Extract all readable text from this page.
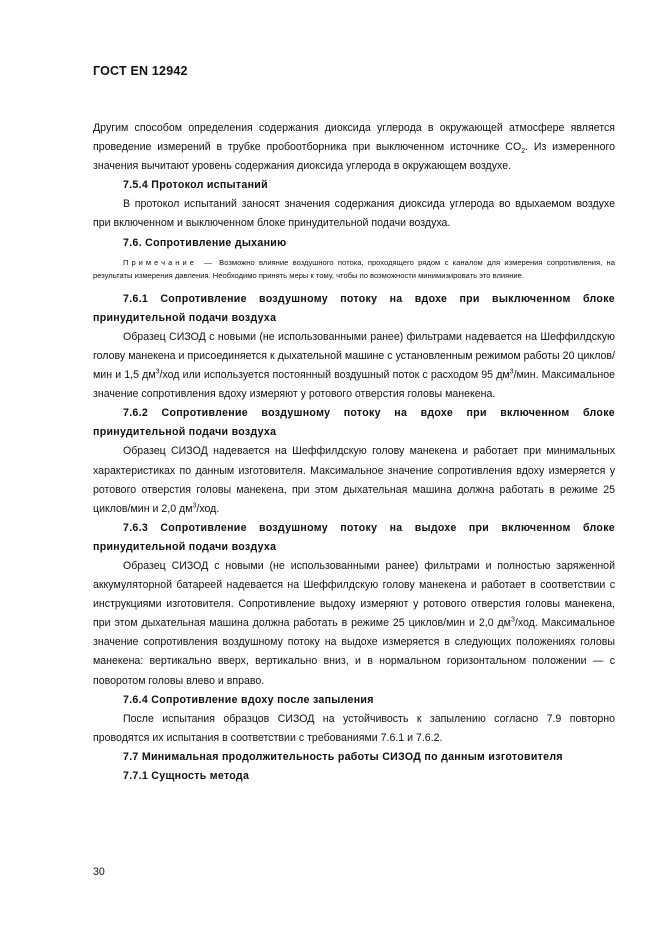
ГОСТ EN 12942

Другим способом определения содержания диоксида углерода в окружающей атмосфере является проведение измерений в трубке пробоотборника при выключенном источнике $CO_2$. Из измеренного значения вычитают уровень содержания диоксида углерода в окружающем воздухе.

7.5.4 Протокол испытаний

В протокол испытаний заносят значения содержания диоксида углерода во вдыхаемом воздухе при включенном и выключенном блоке принудительной подачи воздуха.

7.6. Сопротивление дыханию

Примечание — Возможно влияние воздушного потока, проходящего рядом с каналом для измерения сопротивления, на результаты измерения давления. Необходимо принять меры к тому, чтобы по возможности минимизировать это влияние.

7.6.1 Сопротивление воздушному потоку на вдохе при выключенном блоке принудительной подачи воздуха

Образец СИЗОД с новыми (не использованными ранее) фильтрами надевается на Шеффилдскую голову манекена и присоединяется к дыхательной машине с установленным режимом работы 20 циклов/мин и 1,5 $дм^3$/ход или используется постоянный воздушный поток с расходом 95 $дм^3$/мин. Максимальное значение сопротивления вдоху измеряют у ротового отверстия головы манекена.

7.6.2 Сопротивление воздушному потоку на вдохе при включенном блоке принудительной подачи воздуха

Образец СИЗОД надевается на Шеффилдскую голову манекена и работает при минимальных характеристиках по данным изготовителя. Максимальное значение сопротивления вдоху измеряется у ротового отверстия головы манекена, при этом дыхательная машина должна работать в режиме 25 циклов/мин и 2,0 $дм^3$/ход.

7.6.3 Сопротивление воздушному потоку на выдохе при включенном блоке принудительной подачи воздуха

Образец СИЗОД с новыми (не использованными ранее) фильтрами и полностью заряженной аккумуляторной батареей надевается на Шеффилдскую голову манекена и работает в соответствии с инструкциями изготовителя. Сопротивление выдоху измеряют у ротового отверстия головы манекена, при этом дыхательная машина должна работать в режиме 25 циклов/мин и 2,0 $дм^3$/ход. Максимальное значение сопротивления воздушному потоку на выдохе измеряется в следующих положениях головы манекена: вертикально вверх, вертикально вниз, и в нормальном горизонтальном положении — с поворотом головы влево и вправо.

7.6.4 Сопротивление вдоху после запыления

После испытания образцов СИЗОД на устойчивость к запылению согласно 7.9 повторно проводятся их испытания в соответствии с требованиями 7.6.1 и 7.6.2.

7.7 Минимальная продолжительность работы СИЗОД по данным изготовителя

7.7.1 Сущность метода

30
